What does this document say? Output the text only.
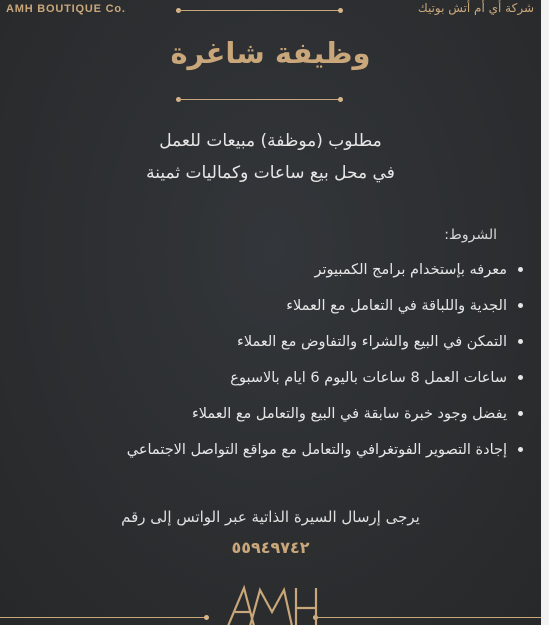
AMH BOUTIQUE Co.	شركة أي أم أتش بوتيك
وظيفة شاغرة
مطلوب (موظفة) مبيعات للعمل
في محل بيع ساعات وكماليات ثمينة
الشروط:
معرفه بإستخدام برامج الكمبيوتر
الجدية واللباقة في التعامل مع العملاء
التمكن في البيع والشراء والتفاوض مع العملاء
ساعات العمل 8 ساعات باليوم 6 ايام بالاسبوع
يفضل وجود خبرة سابقة في البيع والتعامل مع العملاء
إجادة التصوير الفوتغرافي والتعامل مع مواقع التواصل الاجتماعي
يرجى إرسال السيرة الذاتية عبر الواتس إلى رقم
٥٥٩٤٩٧٤٢
